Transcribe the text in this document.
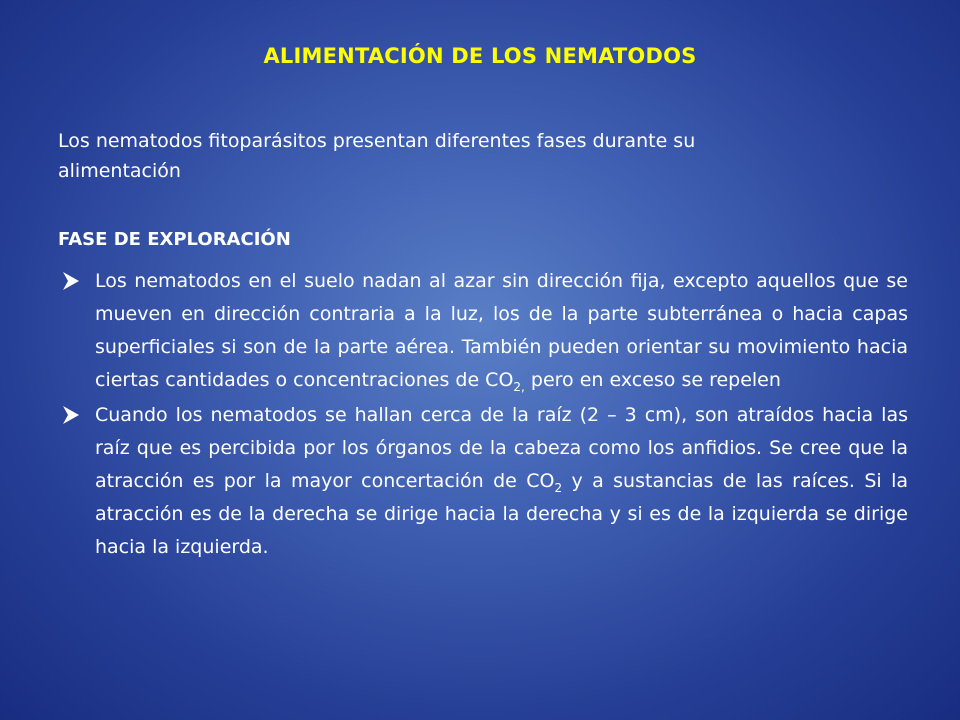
ALIMENTACIÓN DE LOS NEMATODOS
Los nematodos fitoparásitos presentan diferentes fases durante su
alimentación
FASE DE EXPLORACIÓN
Los nematodos en el suelo nadan al azar sin dirección fija, excepto aquellos que se mueven en dirección contraria a la luz, los de la parte subterránea o hacia capas superficiales si son de la parte aérea. También pueden orientar su movimiento hacia ciertas cantidades o concentraciones de $CO_{2,}$ pero en exceso se repelen
Cuando los nematodos se hallan cerca de la raíz (2 – 3 cm), son atraídos hacia las raíz que es percibida por los órganos de la cabeza como los anfidios. Se cree que la atracción es por la mayor concertación de $CO_2$ y a sustancias de las raíces. Si la atracción es de la derecha se dirige hacia la derecha y si es de la izquierda se dirige hacia la izquierda.
